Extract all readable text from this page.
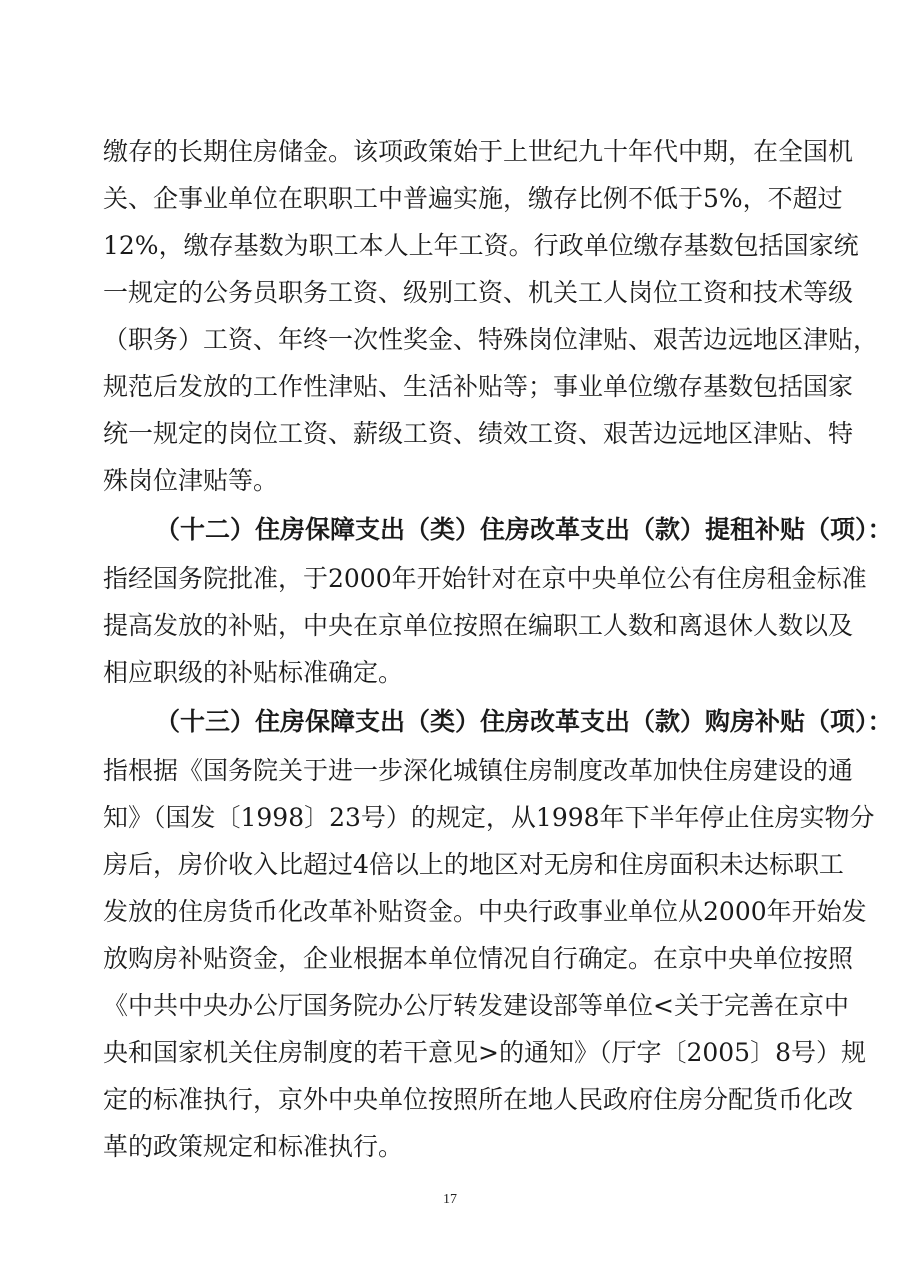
缴存的长期住房储金。该项政策始于上世纪九十年代中期，在全国机
关、企事业单位在职职工中普遍实施，缴存比例不低于5%，不超过
12%，缴存基数为职工本人上年工资。行政单位缴存基数包括国家统
一规定的公务员职务工资、级别工资、机关工人岗位工资和技术等级
（职务）工资、年终一次性奖金、特殊岗位津贴、艰苦边远地区津贴，
规范后发放的工作性津贴、生活补贴等；事业单位缴存基数包括国家
统一规定的岗位工资、薪级工资、绩效工资、艰苦边远地区津贴、特
殊岗位津贴等。
（十二）住房保障支出（类）住房改革支出（款）提租补贴（项）：
指经国务院批准，于2000年开始针对在京中央单位公有住房租金标准
提高发放的补贴，中央在京单位按照在编职工人数和离退休人数以及
相应职级的补贴标准确定。
（十三）住房保障支出（类）住房改革支出（款）购房补贴（项）：
指根据《国务院关于进一步深化城镇住房制度改革加快住房建设的通
知》（国发〔1998〕23号）的规定，从1998年下半年停止住房实物分
房后，房价收入比超过4倍以上的地区对无房和住房面积未达标职工
发放的住房货币化改革补贴资金。中央行政事业单位从2000年开始发
放购房补贴资金，企业根据本单位情况自行确定。在京中央单位按照
《中共中央办公厅国务院办公厅转发建设部等单位<关于完善在京中
央和国家机关住房制度的若干意见>的通知》（厅字〔2005〕8号）规
定的标准执行，京外中央单位按照所在地人民政府住房分配货币化改
革的政策规定和标准执行。
17
